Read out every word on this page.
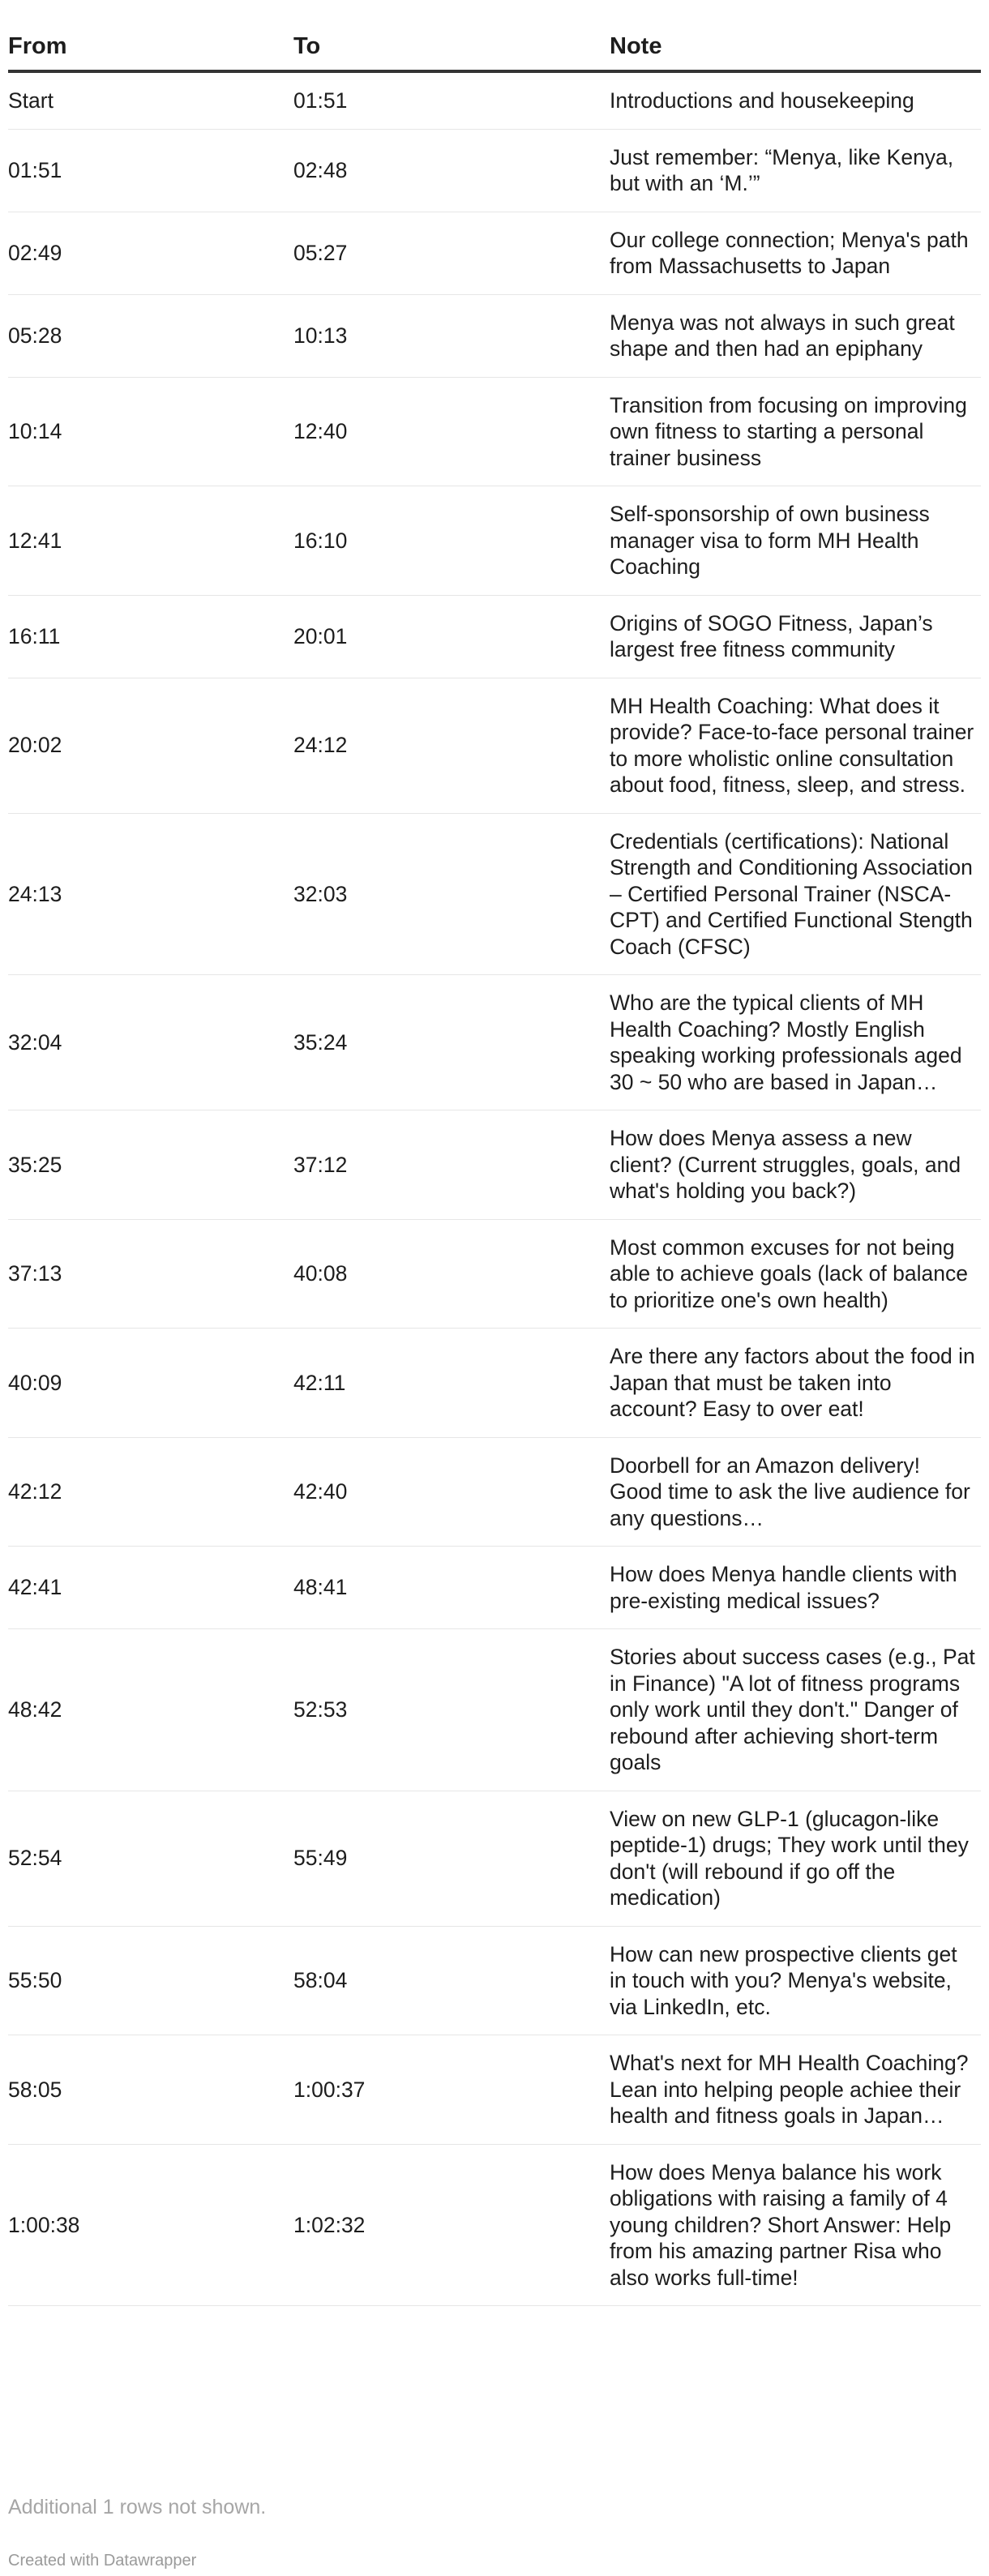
From	To	Note
Start	01:51	Introductions and housekeeping
01:51	02:48	Just remember: “Menya, like Kenya, but with an ‘M.’”
02:49	05:27	Our college connection; Menya's path from Massachusetts to Japan
05:28	10:13	Menya was not always in such great shape and then had an epiphany
10:14	12:40	Transition from focusing on improving own fitness to starting a personal trainer business
12:41	16:10	Self-sponsorship of own business manager visa to form MH Health Coaching
16:11	20:01	Origins of SOGO Fitness, Japan’s largest free fitness community
20:02	24:12	MH Health Coaching: What does it provide? Face-to-face personal trainer to more wholistic online consultation about food, fitness, sleep, and stress.
24:13	32:03	Credentials (certifications): National Strength and Conditioning Association – Certified Personal Trainer (NSCA-CPT) and Certified Functional Stength Coach (CFSC)
32:04	35:24	Who are the typical clients of MH Health Coaching? Mostly English speaking working professionals aged 30 ~ 50 who are based in Japan…
35:25	37:12	How does Menya assess a new client? (Current struggles, goals, and what's holding you back?)
37:13	40:08	Most common excuses for not being able to achieve goals (lack of balance to prioritize one's own health)
40:09	42:11	Are there any factors about the food in Japan that must be taken into account? Easy to over eat!
42:12	42:40	Doorbell for an Amazon delivery! Good time to ask the live audience for any questions…
42:41	48:41	How does Menya handle clients with pre-existing medical issues?
48:42	52:53	Stories about success cases (e.g., Pat in Finance) "A lot of fitness programs only work until they don't." Danger of rebound after achieving short-term goals
52:54	55:49	View on new GLP-1 (glucagon-like peptide-1) drugs; They work until they don't (will rebound if go off the medication)
55:50	58:04	How can new prospective clients get in touch with you? Menya's website, via LinkedIn, etc.
58:05	1:00:37	What's next for MH Health Coaching? Lean into helping people achiee their health and fitness goals in Japan…
1:00:38	1:02:32	How does Menya balance his work obligations with raising a family of 4 young children? Short Answer: Help from his amazing partner Risa who also works full-time!
Additional 1 rows not shown.
Created with Datawrapper
